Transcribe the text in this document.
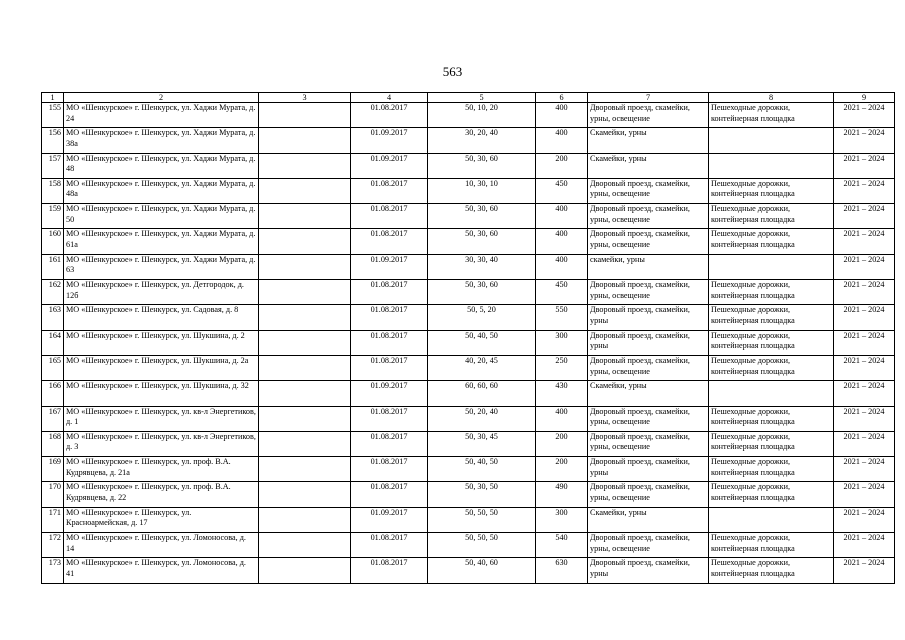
563
1	2	3	4	5	6	7	8	9
155	МО «Шенкурское» г. Шенкурск, ул. Хаджи Мурата, д. 24		01.08.2017	50, 10, 20	400	Дворовый проезд, скамейки, урны, освещение	Пешеходные дорожки, контейнерная площадка	2021 – 2024
156	МО «Шенкурское» г. Шенкурск, ул. Хаджи Мурата, д. 38а		01.09.2017	30, 20, 40	400	Скамейки, урны		2021 – 2024
157	МО «Шенкурское» г. Шенкурск, ул. Хаджи Мурата, д. 48		01.09.2017	50, 30, 60	200	Скамейки, урны		2021 – 2024
158	МО «Шенкурское» г. Шенкурск, ул. Хаджи Мурата, д. 48а		01.08.2017	10, 30, 10	450	Дворовый проезд, скамейки, урны, освещение	Пешеходные дорожки, контейнерная площадка	2021 – 2024
159	МО «Шенкурское» г. Шенкурск, ул. Хаджи Мурата, д. 50		01.08.2017	50, 30, 60	400	Дворовый проезд, скамейки, урны, освещение	Пешеходные дорожки, контейнерная площадка	2021 – 2024
160	МО «Шенкурское» г. Шенкурск, ул. Хаджи Мурата, д. 61а		01.08.2017	50, 30, 60	400	Дворовый проезд, скамейки, урны, освещение	Пешеходные дорожки, контейнерная площадка	2021 – 2024
161	МО «Шенкурское» г. Шенкурск, ул. Хаджи Мурата, д. 63		01.09.2017	30, 30, 40	400	скамейки, урны		2021 – 2024
162	МО «Шенкурское» г. Шенкурск, ул. Детгородок, д. 12б		01.08.2017	50, 30, 60	450	Дворовый проезд, скамейки, урны, освещение	Пешеходные дорожки, контейнерная площадка	2021 – 2024
163	МО «Шенкурское» г. Шенкурск, ул. Садовая, д. 8		01.08.2017	50, 5, 20	550	Дворовый проезд, скамейки, урны	Пешеходные дорожки, контейнерная площадка	2021 – 2024
164	МО «Шенкурское» г. Шенкурск, ул. Шукшина, д. 2		01.08.2017	50, 40, 50	300	Дворовый проезд, скамейки, урны	Пешеходные дорожки, контейнерная площадка	2021 – 2024
165	МО «Шенкурское» г. Шенкурск, ул. Шукшина, д. 2а		01.08.2017	40, 20, 45	250	Дворовый проезд, скамейки, урны, освещение	Пешеходные дорожки, контейнерная площадка	2021 – 2024
166	МО «Шенкурское» г. Шенкурск, ул. Шукшина, д. 32		01.09.2017	60, 60, 60	430	Скамейки, урны		2021 – 2024
167	МО «Шенкурское» г. Шенкурск, ул. кв-л Энергетиков, д. 1		01.08.2017	50, 20, 40	400	Дворовый проезд, скамейки, урны, освещение	Пешеходные дорожки, контейнерная площадка	2021 – 2024
168	МО «Шенкурское» г. Шенкурск, ул. кв-л Энергетиков, д. 3		01.08.2017	50, 30, 45	200	Дворовый проезд, скамейки, урны, освещение	Пешеходные дорожки, контейнерная площадка	2021 – 2024
169	МО «Шенкурское» г. Шенкурск, ул. проф. В.А. Кудрявцева, д. 21а		01.08.2017	50, 40, 50	200	Дворовый проезд, скамейки, урны	Пешеходные дорожки, контейнерная площадка	2021 – 2024
170	МО «Шенкурское» г. Шенкурск, ул. проф. В.А. Кудрявцева, д. 22		01.08.2017	50, 30, 50	490	Дворовый проезд, скамейки, урны, освещение	Пешеходные дорожки, контейнерная площадка	2021 – 2024
171	МО «Шенкурское» г. Шенкурск, ул. Красноармейская, д. 17		01.09.2017	50, 50, 50	300	Скамейки, урны		2021 – 2024
172	МО «Шенкурское» г. Шенкурск, ул. Ломоносова, д. 14		01.08.2017	50, 50, 50	540	Дворовый проезд, скамейки, урны, освещение	Пешеходные дорожки, контейнерная площадка	2021 – 2024
173	МО «Шенкурское» г. Шенкурск, ул. Ломоносова, д. 41		01.08.2017	50, 40, 60	630	Дворовый проезд, скамейки, урны	Пешеходные дорожки, контейнерная площадка	2021 – 2024
